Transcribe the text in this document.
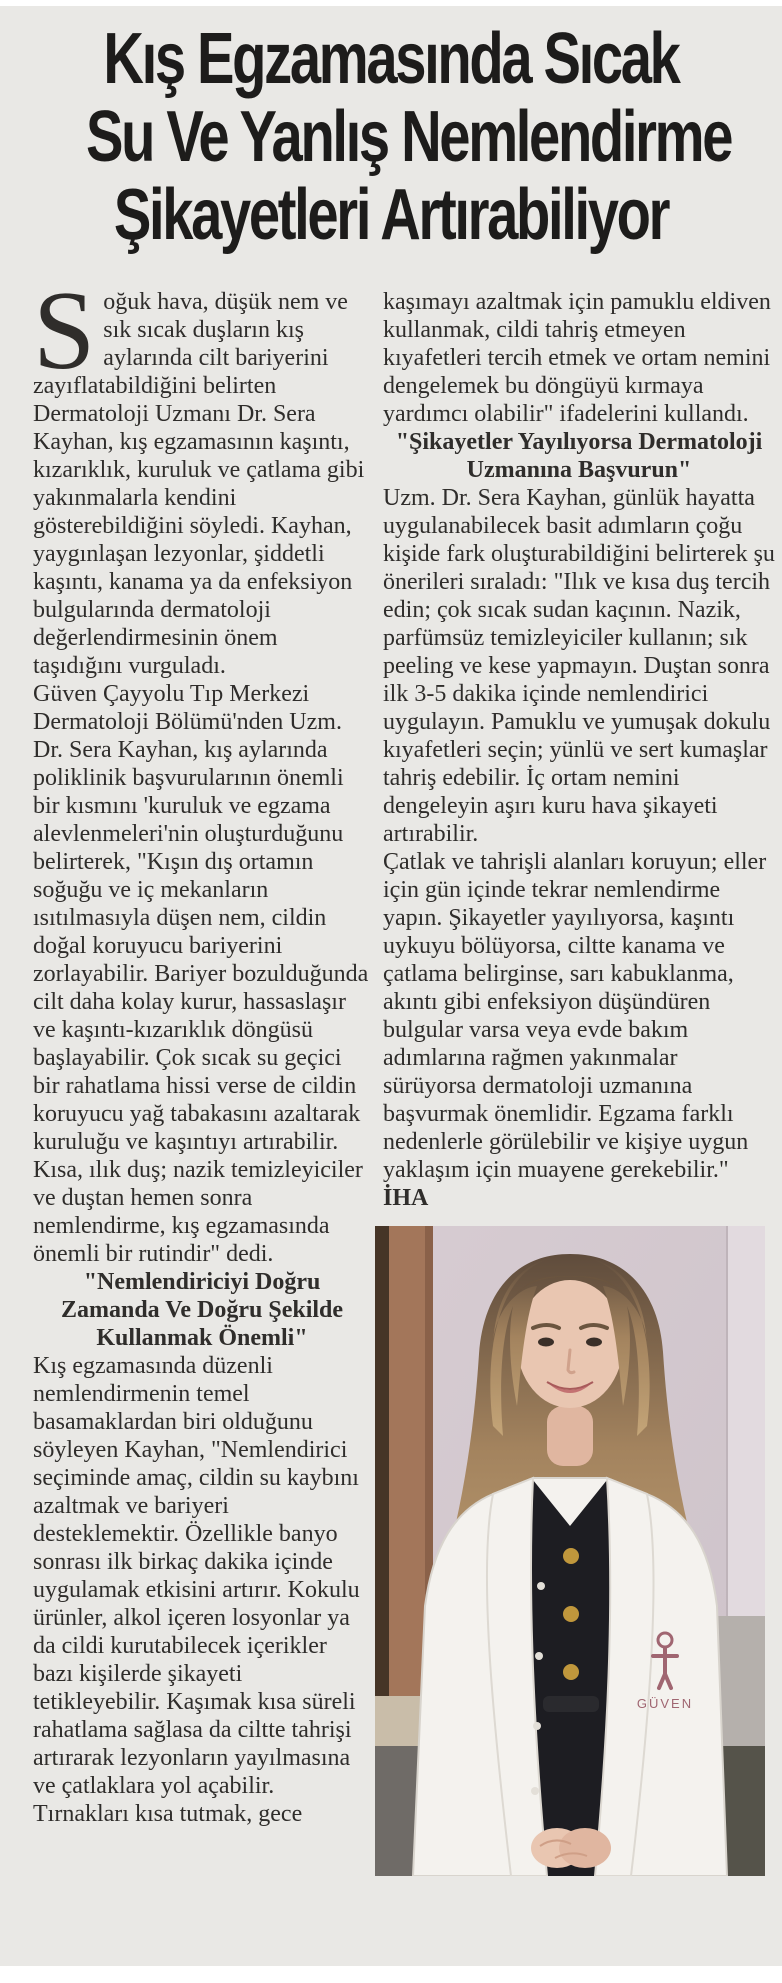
Kış Egzamasında Sıcak
Su Ve Yanlış Nemlendirme
Şikayetleri Artırabiliyor

Soğuk hava, düşük nem ve sık sıcak duşların kış aylarında cilt bariyerini zayıflatabildiğini belirten Dermatoloji Uzmanı Dr. Sera Kayhan, kış egzamasının kaşıntı, kızarıklık, kuruluk ve çatlama gibi yakınmalarla kendini gösterebildiğini söyledi. Kayhan, yaygınlaşan lezyonlar, şiddetli kaşıntı, kanama ya da enfeksiyon bulgularında dermatoloji değerlendirmesinin önem taşıdığını vurguladı.

Güven Çayyolu Tıp Merkezi Dermatoloji Bölümü'nden Uzm. Dr. Sera Kayhan, kış aylarında poliklinik başvurularının önemli bir kısmını 'kuruluk ve egzama alevlenmeleri'nin oluşturduğunu belirterek, "Kışın dış ortamın soğuğu ve iç mekanların ısıtılmasıyla düşen nem, cildin doğal koruyucu bariyerini zorlayabilir. Bariyer bozulduğunda cilt daha kolay kurur, hassaslaşır ve kaşıntı-kızarıklık döngüsü başlayabilir. Çok sıcak su geçici bir rahatlama hissi verse de cildin koruyucu yağ tabakasını azaltarak kuruluğu ve kaşıntıyı artırabilir. Kısa, ılık duş; nazik temizleyiciler ve duştan hemen sonra nemlendirme, kış egzamasında önemli bir rutindir" dedi.

"Nemlendiriciyi Doğru Zamanda Ve Doğru Şekilde Kullanmak Önemli"

Kış egzamasında düzenli nemlendirmenin temel basamaklardan biri olduğunu söyleyen Kayhan, "Nemlendirici seçiminde amaç, cildin su kaybını azaltmak ve bariyeri desteklemektir. Özellikle banyo sonrası ilk birkaç dakika içinde uygulamak etkisini artırır. Kokulu ürünler, alkol içeren losyonlar ya da cildi kurutabilecek içerikler bazı kişilerde şikayeti tetikleyebilir. Kaşımak kısa süreli rahatlama sağlasa da ciltte tahrişi artırarak lezyonların yayılmasına ve çatlaklara yol açabilir. Tırnakları kısa tutmak, gece

kaşımayı azaltmak için pamuklu eldiven kullanmak, cildi tahriş etmeyen kıyafetleri tercih etmek ve ortam nemini dengelemek bu döngüyü kırmaya yardımcı olabilir" ifadelerini kullandı.

"Şikayetler Yayılıyorsa Dermatoloji Uzmanına Başvurun"

Uzm. Dr. Sera Kayhan, günlük hayatta uygulanabilecek basit adımların çoğu kişide fark oluşturabildiğini belirterek şu önerileri sıraladı: "Ilık ve kısa duş tercih edin; çok sıcak sudan kaçının. Nazik, parfümsüz temizleyiciler kullanın; sık peeling ve kese yapmayın. Duştan sonra ilk 3-5 dakika içinde nemlendirici uygulayın. Pamuklu ve yumuşak dokulu kıyafetleri seçin; yünlü ve sert kumaşlar tahriş edebilir. İç ortam nemini dengeleyin aşırı kuru hava şikayeti artırabilir.

Çatlak ve tahrişli alanları koruyun; eller için gün içinde tekrar nemlendirme yapın. Şikayetler yayılıyorsa, kaşıntı uykuyu bölüyorsa, ciltte kanama ve çatlama belirginse, sarı kabuklanma, akıntı gibi enfeksiyon düşündüren bulgular varsa veya evde bakım adımlarına rağmen yakınmalar sürüyorsa dermatoloji uzmanına başvurmak önemlidir. Egzama farklı nedenlerle görülebilir ve kişiye uygun yaklaşım için muayene gerekebilir." İHA

GÜVEN
